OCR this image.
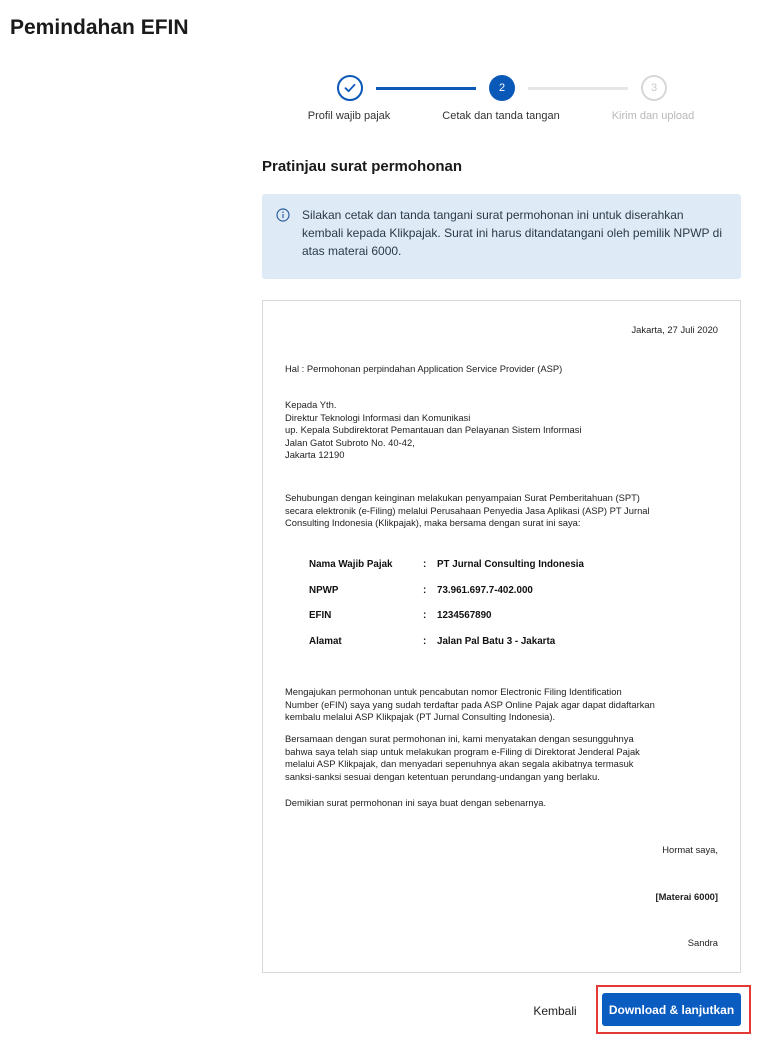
Pemindahan EFIN
2	3
Profil wajib pajak	Cetak dan tanda tangan	Kirim dan upload
Pratinjau surat permohonan
Silakan cetak dan tanda tangani surat permohonan ini untuk diserahkan kembali kepada Klikpajak. Surat ini harus ditandatangani oleh pemilik NPWP di atas materai 6000.
Jakarta, 27 Juli 2020
Hal : Permohonan perpindahan Application Service Provider (ASP)
Kepada Yth.
Direktur Teknologi Informasi dan Komunikasi
up. Kepala Subdirektorat Pemantauan dan Pelayanan Sistem Informasi
Jalan Gatot Subroto No. 40-42,
Jakarta 12190
Sehubungan dengan keinginan melakukan penyampaian Surat Pemberitahuan (SPT)
secara elektronik (e-Filing) melalui Perusahaan Penyedia Jasa Aplikasi (ASP) PT Jurnal
Consulting Indonesia (Klikpajak), maka bersama dengan surat ini saya:
Nama Wajib Pajak	: PT Jurnal Consulting Indonesia
NPWP	: 73.961.697.7-402.000
EFIN	: 1234567890
Alamat	: Jalan Pal Batu 3 - Jakarta
Mengajukan permohonan untuk pencabutan nomor Electronic Filing Identification
Number (eFIN) saya yang sudah terdaftar pada ASP Online Pajak agar dapat didaftarkan
kembalu melalui ASP Klikpajak (PT Jurnal Consulting Indonesia).
Bersamaan dengan surat permohonan ini, kami menyatakan dengan sesungguhnya
bahwa saya telah siap untuk melakukan program e-Filing di Direktorat Jenderal Pajak
melalui ASP Klikpajak, dan menyadari sepenuhnya akan segala akibatnya termasuk
sanksi-sanksi sesuai dengan ketentuan perundang-undangan yang berlaku.
Demikian surat permohonan ini saya buat dengan sebenarnya.
Hormat saya,
[Materai 6000]
Sandra
Kembali	Download & lanjutkan
